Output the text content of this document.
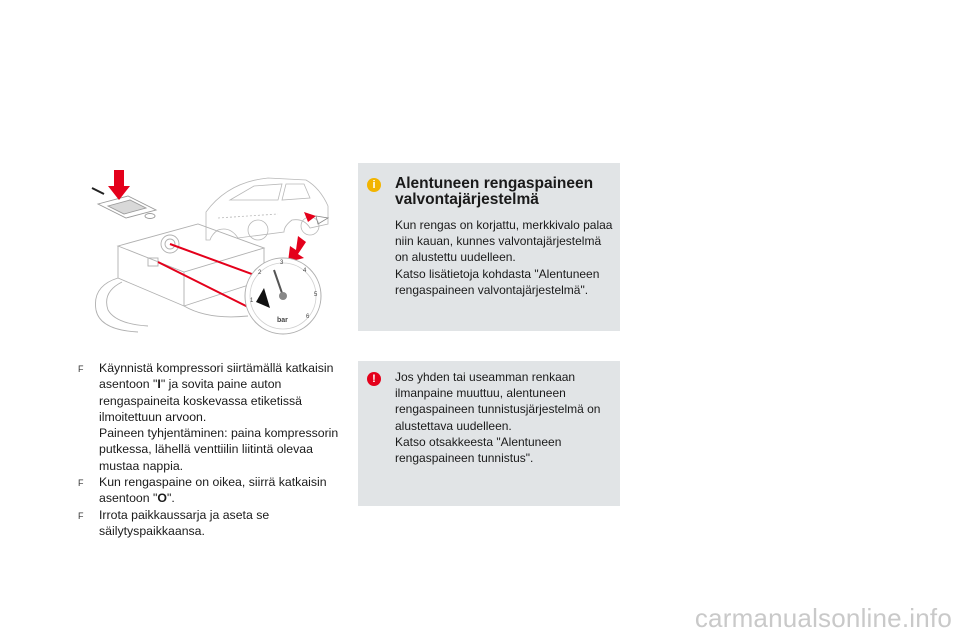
1
2
3
4
5
6
bar
F Käynnistä kompressori siirtämällä katkaisin asentoon "I" ja sovita paine auton rengaspaineita koskevassa etiketissä ilmoitettuun arvoon.
Paineen tyhjentäminen: paina kompressorin putkessa, lähellä venttiilin liitintä olevaa mustaa nappia.
F Kun rengaspaine on oikea, siirrä katkaisin asentoon "O".
F Irrota paikkaussarja ja aseta se säilytyspaikkaansa.
i	Alentuneen rengaspaineen valvontajärjestelmä

Kun rengas on korjattu, merkkivalo palaa niin kauan, kunnes valvontajärjestelmä on alustettu uudelleen.
Katso lisätietoja kohdasta "Alentuneen rengaspaineen valvontajärjestelmä".

!	Jos yhden tai useamman renkaan ilmanpaine muuttuu, alentuneen rengaspaineen tunnistusjärjestelmä on alustettava uudelleen.
Katso otsakkeesta "Alentuneen rengaspaineen tunnistus".

carmanualsonline.info
